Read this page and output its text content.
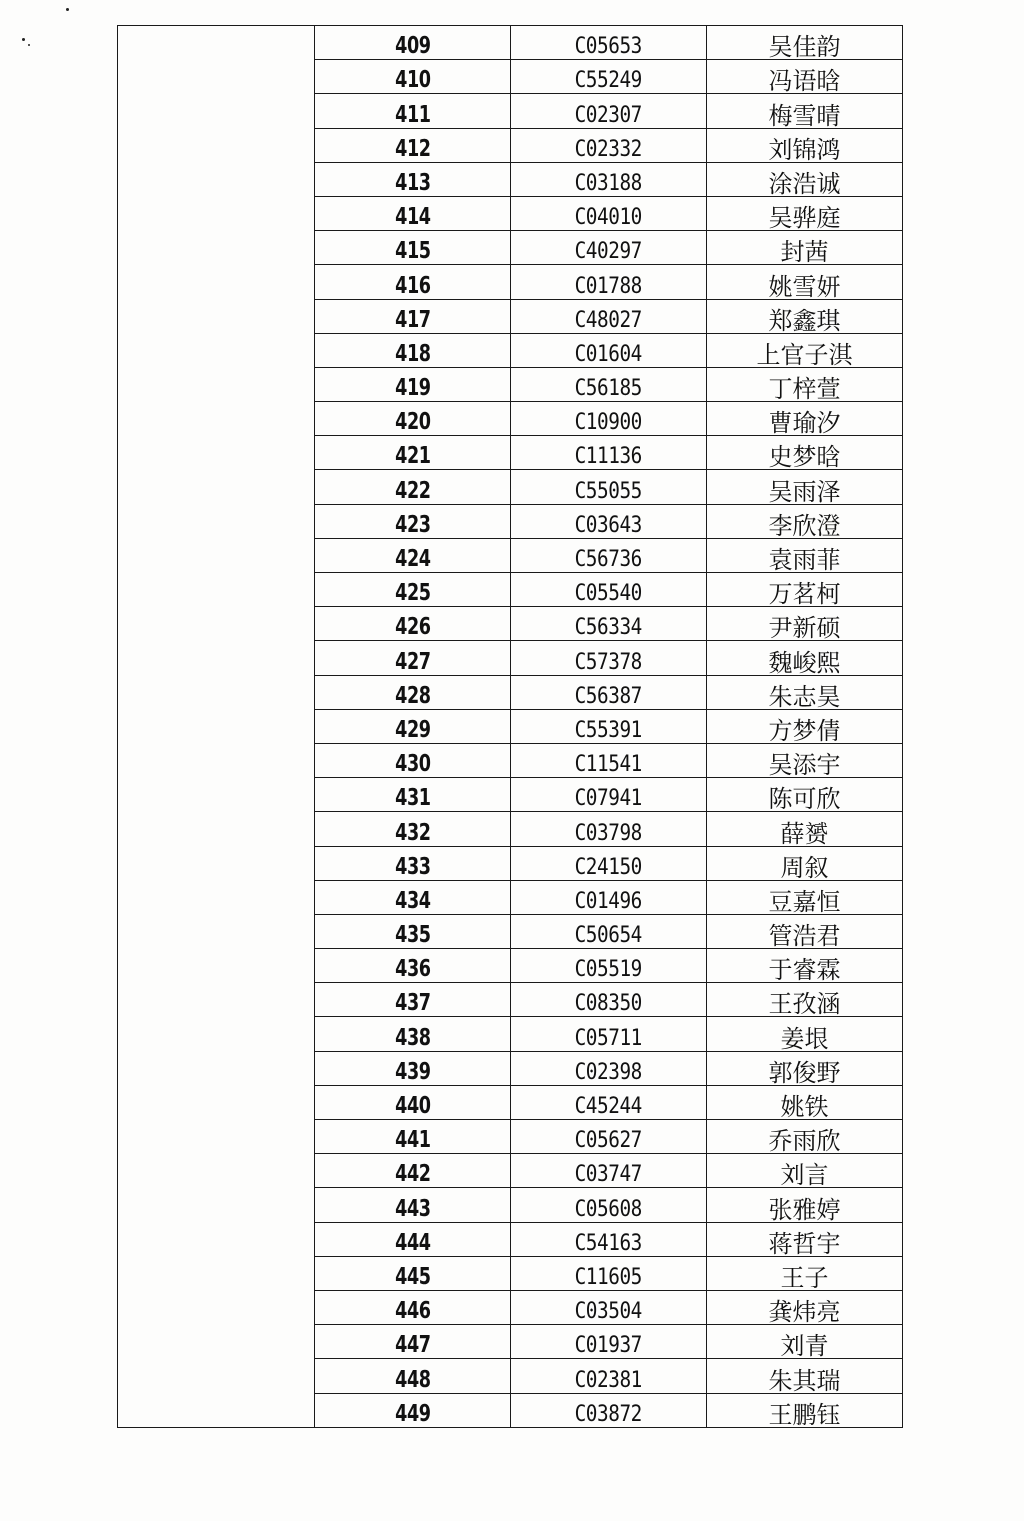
	409	C05653	吴佳韵
	410	C55249	冯语晗
	411	C02307	梅雪晴
	412	C02332	刘锦鸿
	413	C03188	涂浩诚
	414	C04010	吴骅庭
	415	C40297	封茜
	416	C01788	姚雪妍
	417	C48027	郑鑫琪
	418	C01604	上官子淇
	419	C56185	丁梓萱
	420	C10900	曹瑜汐
	421	C11136	史梦晗
	422	C55055	吴雨泽
	423	C03643	李欣澄
	424	C56736	袁雨菲
	425	C05540	万茗柯
	426	C56334	尹新硕
	427	C57378	魏峻熙
	428	C56387	朱志昊
	429	C55391	方梦倩
	430	C11541	吴添宇
	431	C07941	陈可欣
	432	C03798	薛赟
	433	C24150	周叙
	434	C01496	豆嘉恒
	435	C50654	管浩君
	436	C05519	于睿霖
	437	C08350	王孜涵
	438	C05711	姜垠
	439	C02398	郭俊野
	440	C45244	姚铁
	441	C05627	乔雨欣
	442	C03747	刘言
	443	C05608	张雅婷
	444	C54163	蒋哲宇
	445	C11605	王子
	446	C03504	龚炜亮
	447	C01937	刘青
	448	C02381	朱其瑞
	449	C03872	王鹏钰
